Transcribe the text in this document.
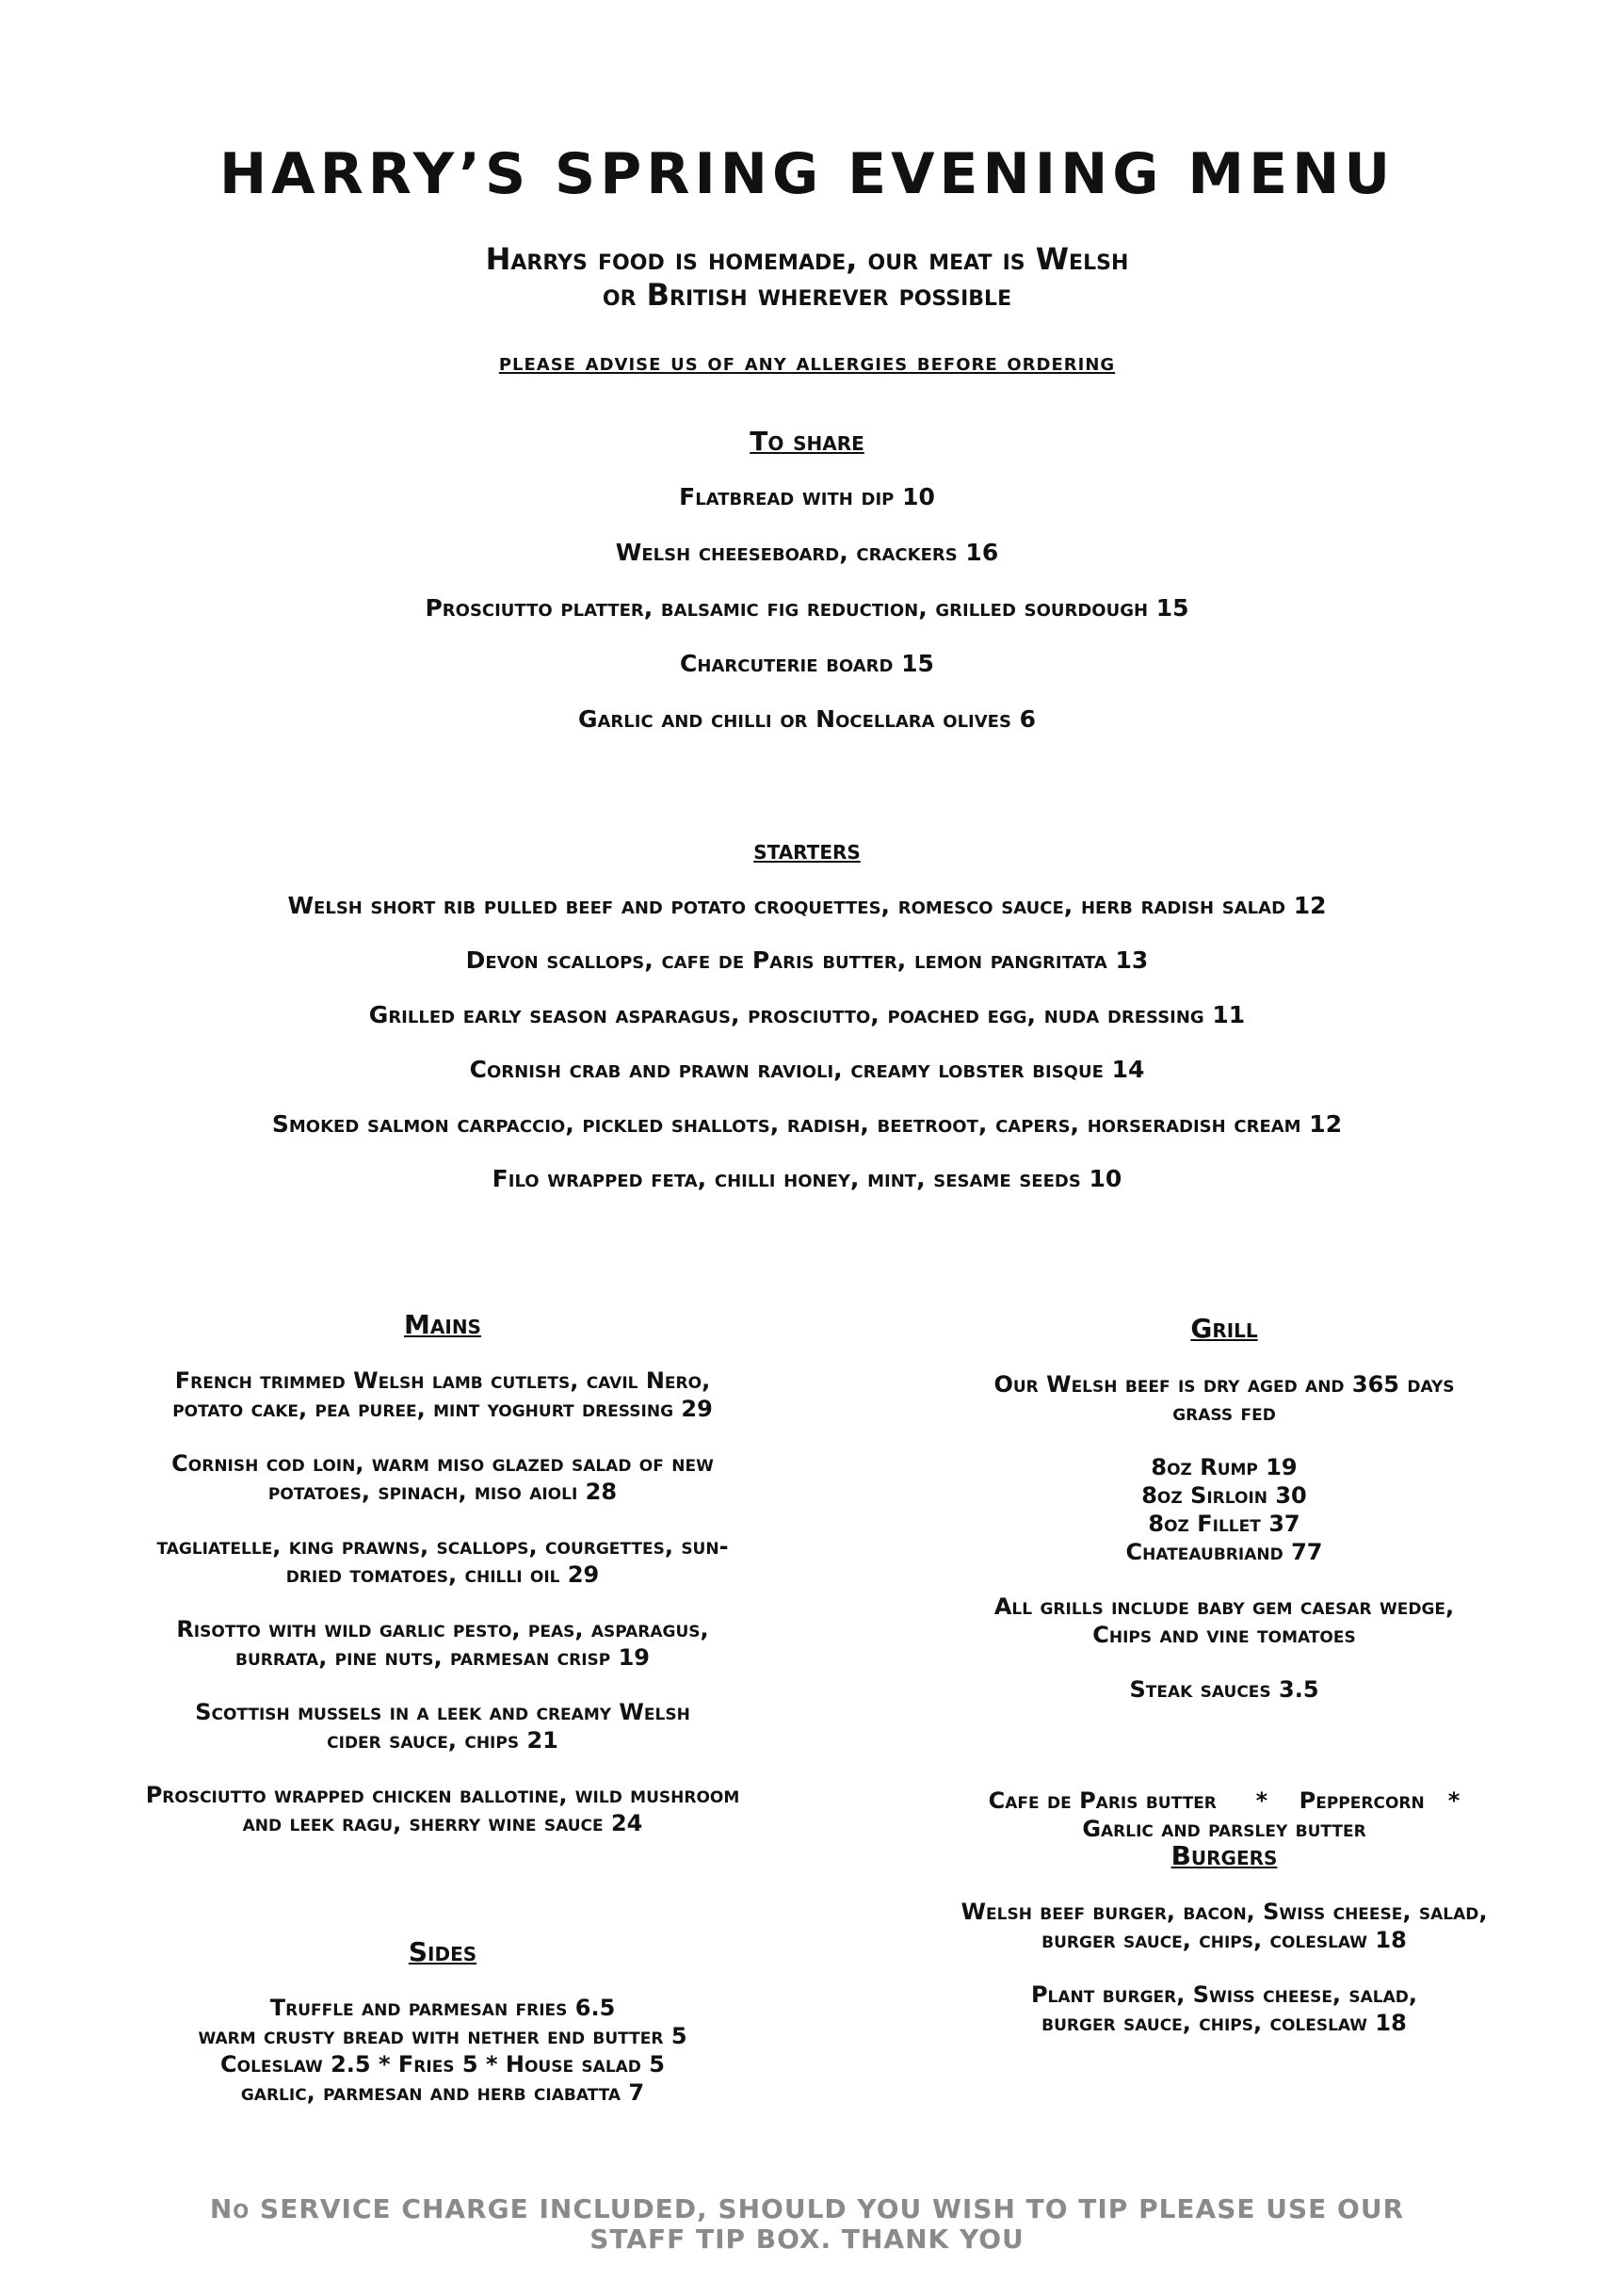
HARRY’S SPRING EVENING MENU
Harrys food is homemade, our meat is Welsh
or British wherever possible
please advise us of any allergies before ordering
To share
Flatbread with dip 10
Welsh cheeseboard, crackers 16
Prosciutto platter, balsamic fig reduction, grilled sourdough 15
Charcuterie board 15
Garlic and chilli or Nocellara olives 6
starters
Welsh short rib pulled beef and potato croquettes, romesco sauce, herb radish salad 12
Devon scallops, cafe de Paris butter, lemon pangritata 13
Grilled early season asparagus, prosciutto, poached egg, nuda dressing 11
Cornish crab and prawn ravioli, creamy lobster bisque 14
Smoked salmon carpaccio, pickled shallots, radish, beetroot, capers, horseradish cream 12
Filo wrapped feta, chilli honey, mint, sesame seeds 10
Mains
French trimmed Welsh lamb cutlets, cavil Nero,
potato cake, pea puree, mint yoghurt dressing 29
Cornish cod loin, warm miso glazed salad of new
potatoes, spinach, miso aioli 28
tagliatelle, king prawns, scallops, courgettes, sun-
dried tomatoes, chilli oil 29
Risotto with wild garlic pesto, peas, asparagus,
burrata, pine nuts, parmesan crisp 19
Scottish mussels in a leek and creamy Welsh
cider sauce, chips 21
Prosciutto wrapped chicken ballotine, wild mushroom
and leek ragu, sherry wine sauce 24
Sides
Truffle and parmesan fries 6.5
warm crusty bread with nether end butter 5
Coleslaw 2.5 * Fries 5 * House salad 5
garlic, parmesan and herb ciabatta 7
Grill
Our Welsh beef is dry aged and 365 days
grass fed
8oz Rump 19
8oz Sirloin 30
8oz Fillet 37
Chateaubriand 77
All grills include baby gem caesar wedge,
Chips and vine tomatoes
Steak sauces 3.5

Cafe de Paris butter     *    Peppercorn   *
Garlic and parsley butter

Burgers
Welsh beef burger, bacon, Swiss cheese, salad,
burger sauce, chips, coleslaw 18
Plant burger, Swiss cheese, salad,
burger sauce, chips, coleslaw 18
No SERVICE CHARGE INCLUDED, SHOULD YOU WISH TO TIP PLEASE USE OUR
STAFF TIP BOX. THANK YOU
